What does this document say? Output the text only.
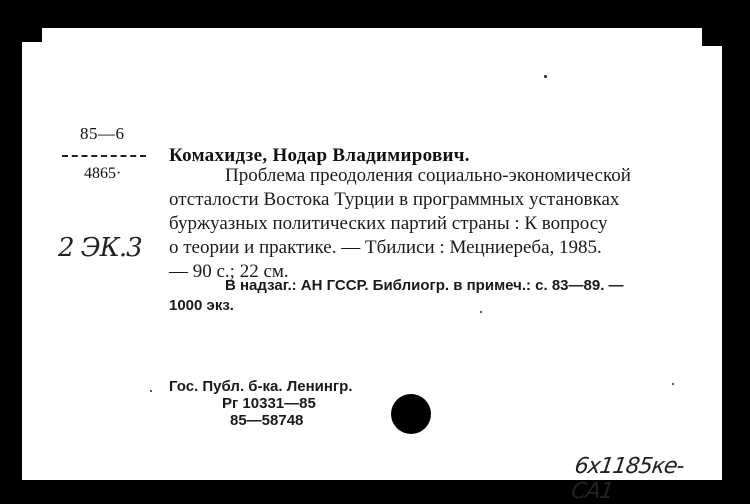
85—6
4865·
2 ЭК.3
Комахидзе, Нодар Владимирович.
Проблема преодоления социально-экономической
отсталости Востока Турции в программных установках
буржуазных политических партий страны : К вопросу
о теории и практике. — Тбилиси : Мецниереба, 1985.
— 90 с.; 22 см.
В надзаг.: АН ГССР. Библиогр. в примеч.: с. 83—89. —
1000 экз.
Гос. Публ. б-ка. Ленингр.
Рг 10331—85
85—58748
6х1185ке-СА1
